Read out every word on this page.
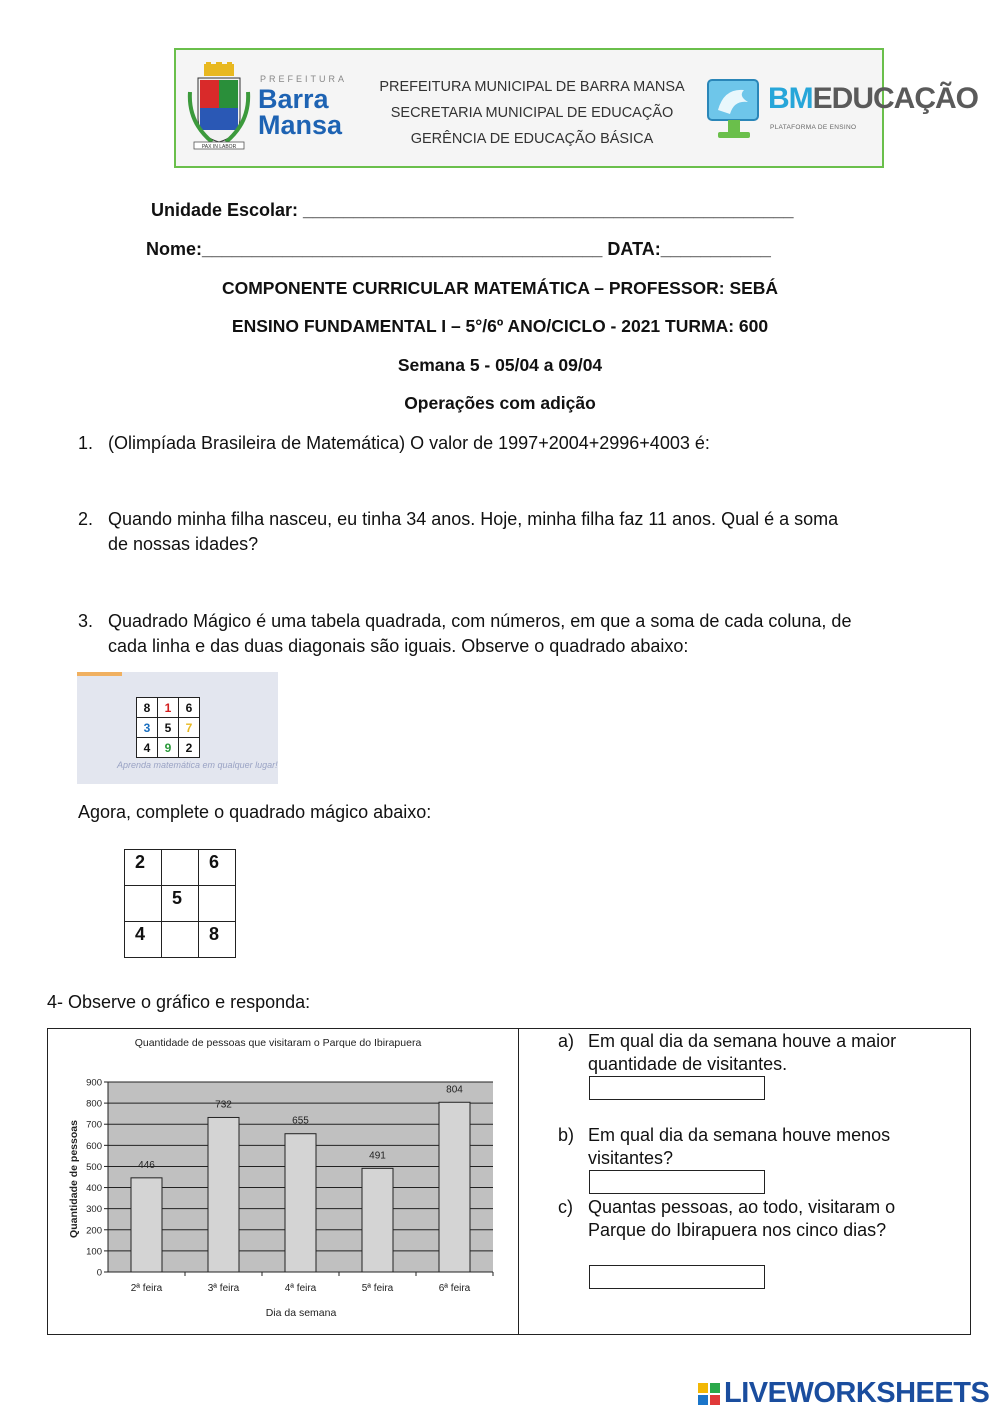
PAX IN LABOR
PREFEITURA
Barra
Mansa
PREFEITURA MUNICIPAL DE BARRA MANSA
SECRETARIA MUNICIPAL DE EDUCAÇÃO
GERÊNCIA DE EDUCAÇÃO BÁSICA
BMEDUCAÇÃO
PLATAFORMA DE ENSINO
Unidade Escolar: _________________________________________________
Nome:________________________________________ DATA:___________
COMPONENTE CURRICULAR MATEMÁTICA – PROFESSOR: SEBÁ
ENSINO FUNDAMENTAL I – 5°/6º ANO/CICLO - 2021 TURMA: 600
Semana 5 - 05/04 a 09/04
Operações com adição
1. (Olimpíada Brasileira de Matemática) O valor de 1997+2004+2996+4003 é:
2. Quando minha filha nasceu, eu tinha 34 anos. Hoje, minha filha faz 11 anos. Qual é a soma
de nossas idades?
3. Quadrado Mágico é uma tabela quadrada, com números, em que a soma de cada coluna, de
cada linha e das duas diagonais são iguais. Observe o quadrado abaixo:
8	1	6
3	5	7
4	9	2
Aprenda matemática em qualquer lugar!
Agora, complete o quadrado mágico abaixo:
2		6
	5	
4		8
4- Observe o gráfico e responda:
Quantidade de pessoas que visitaram o Parque do Ibirapuera
0
100
200
300
400
500
600
700
800
900
446
2ª feira
732
3ª feira
655
4ª feira
491
5ª feira
804
6ª feira
Dia da semana
Quantidade de pessoas
a) Em qual dia da semana houve a maior
quantidade de visitantes.
b) Em qual dia da semana houve menos
visitantes?
c) Quantas pessoas, ao todo, visitaram o
Parque do Ibirapuera nos cinco dias?
LIVEWORKSHEETS
